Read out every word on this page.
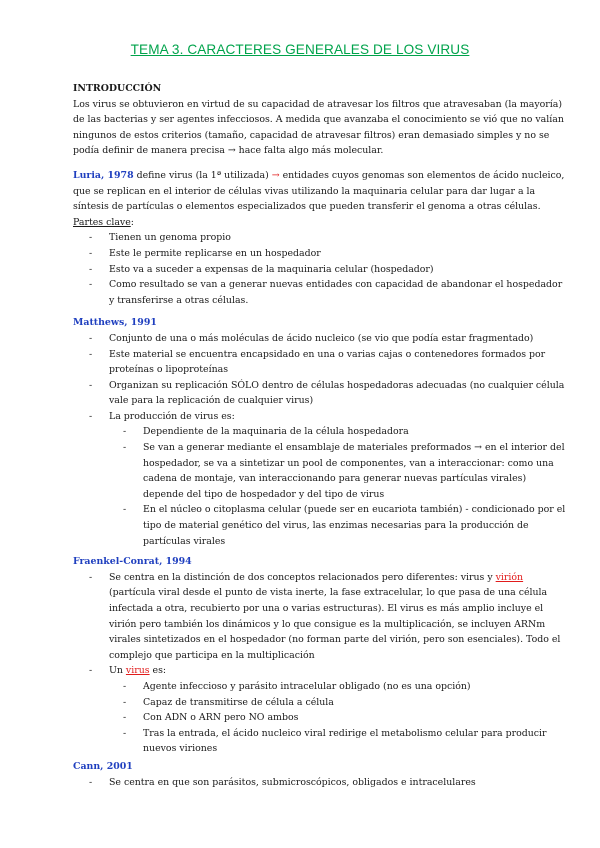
TEMA 3. CARACTERES GENERALES DE LOS VIRUS

INTRODUCCIÓN

Los virus se obtuvieron en virtud de su capacidad de atravesar los filtros que atravesaban (la mayoría) de las bacterias y ser agentes infecciosos. A medida que avanzaba el conocimiento se vió que no valían ningunos de estos criterios (tamaño, capacidad de atravesar filtros) eran demasiado simples y no se podía definir de manera precisa → hace falta algo más molecular.

Luria, 1978 define virus (la 1ª utilizada) → entidades cuyos genomas son elementos de ácido nucleico, que se replican en el interior de células vivas utilizando la maquinaria celular para dar lugar a la síntesis de partículas o elementos especializados que pueden transferir el genoma a otras células. Partes clave:

- Tienen un genoma propio
- Este le permite replicarse en un hospedador
- Esto va a suceder a expensas de la maquinaria celular (hospedador)
- Como resultado se van a generar nuevas entidades con capacidad de abandonar el hospedador y transferirse a otras células.

Matthews, 1991

- Conjunto de una o más moléculas de ácido nucleico (se vio que podía estar fragmentado)
- Este material se encuentra encapsidado en una o varias cajas o contenedores formados por proteínas o lipoproteínas
- Organizan su replicación SÓLO dentro de células hospedadoras adecuadas (no cualquier célula vale para la replicación de cualquier virus)
- La producción de virus es:
- Dependiente de la maquinaria de la célula hospedadora
- Se van a generar mediante el ensamblaje de materiales preformados → en el interior del hospedador, se va a sintetizar un pool de componentes, van a interaccionar: como una cadena de montaje, van interaccionando para generar nuevas partículas virales) depende del tipo de hospedador y del tipo de virus
- En el núcleo o citoplasma celular (puede ser en eucariota también) - condicionado por el tipo de material genético del virus, las enzimas necesarias para la producción de partículas virales

Fraenkel-Conrat, 1994

- Se centra en la distinción de dos conceptos relacionados pero diferentes: virus y virión (partícula viral desde el punto de vista inerte, la fase extracelular, lo que pasa de una célula infectada a otra, recubierto por una o varias estructuras). El virus es más amplio incluye el virión pero también los dinámicos y lo que consigue es la multiplicación, se incluyen ARNm virales sintetizados en el hospedador (no forman parte del virión, pero son esenciales). Todo el complejo que participa en la multiplicación
- Un virus es:
- Agente infeccioso y parásito intracelular obligado (no es una opción)
- Capaz de transmitirse de célula a célula
- Con ADN o ARN pero NO ambos
- Tras la entrada, el ácido nucleico viral redirige el metabolismo celular para producir nuevos viriones

Cann, 2001

- Se centra en que son parásitos, submicroscópicos, obligados e intracelulares
